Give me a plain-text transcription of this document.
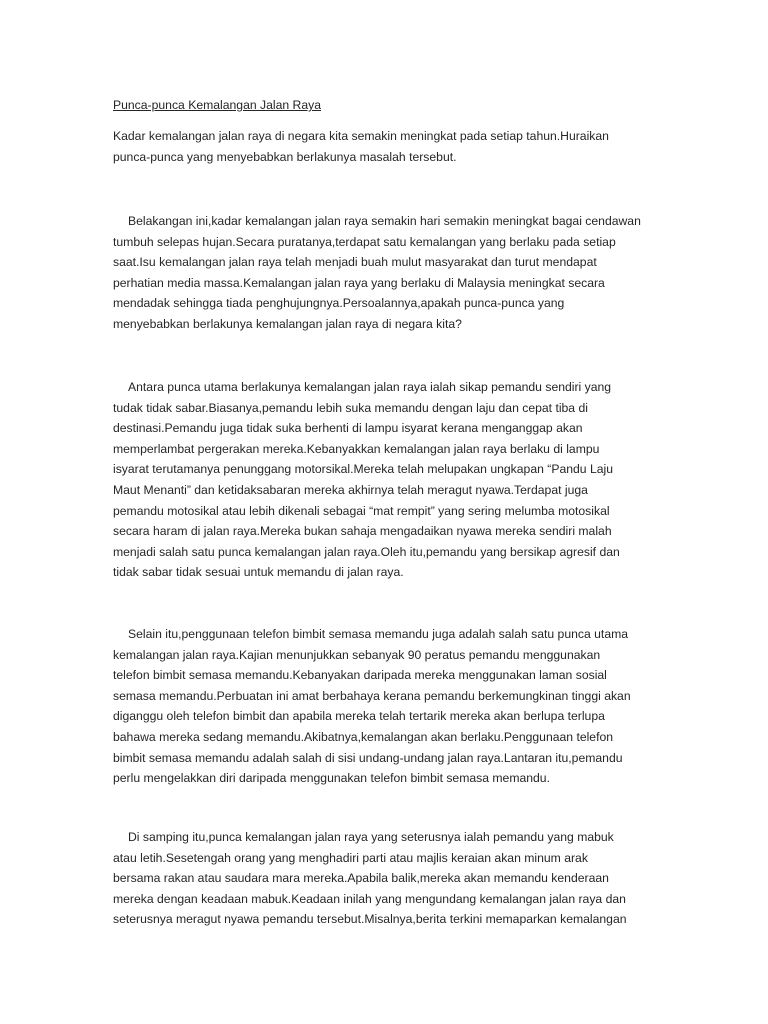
Punca-punca Kemalangan Jalan Raya
Kadar kemalangan jalan raya di negara kita semakin meningkat pada setiap tahun.Huraikan
punca-punca yang menyebabkan berlakunya masalah tersebut.
Belakangan ini,kadar kemalangan jalan raya semakin hari semakin meningkat bagai cendawan
tumbuh selepas hujan.Secara puratanya,terdapat satu kemalangan yang berlaku pada setiap
saat.Isu kemalangan jalan raya telah menjadi buah mulut masyarakat dan turut mendapat
perhatian media massa.Kemalangan jalan raya yang berlaku di Malaysia meningkat secara
mendadak sehingga tiada penghujungnya.Persoalannya,apakah punca-punca yang
menyebabkan berlakunya kemalangan jalan raya di negara kita?
Antara punca utama berlakunya kemalangan jalan raya ialah sikap pemandu sendiri yang
tudak tidak sabar.Biasanya,pemandu lebih suka memandu dengan laju dan cepat tiba di
destinasi.Pemandu juga tidak suka berhenti di lampu isyarat kerana menganggap akan
memperlambat pergerakan mereka.Kebanyakkan kemalangan jalan raya berlaku di lampu
isyarat terutamanya penunggang motorsikal.Mereka telah melupakan ungkapan “Pandu Laju
Maut Menanti” dan ketidaksabaran mereka akhirnya telah meragut nyawa.Terdapat juga
pemandu motosikal atau lebih dikenali sebagai “mat rempit” yang sering melumba motosikal
secara haram di jalan raya.Mereka bukan sahaja mengadaikan nyawa mereka sendiri malah
menjadi salah satu punca kemalangan jalan raya.Oleh itu,pemandu yang bersikap agresif dan
tidak sabar tidak sesuai untuk memandu di jalan raya.
Selain itu,penggunaan telefon bimbit semasa memandu juga adalah salah satu punca utama
kemalangan jalan raya.Kajian menunjukkan sebanyak 90 peratus pemandu menggunakan
telefon bimbit semasa memandu.Kebanyakan daripada mereka menggunakan laman sosial
semasa memandu.Perbuatan ini amat berbahaya kerana pemandu berkemungkinan tinggi akan
diganggu oleh telefon bimbit dan apabila mereka telah tertarik mereka akan berlupa terlupa
bahawa mereka sedang memandu.Akibatnya,kemalangan akan berlaku.Penggunaan telefon
bimbit semasa memandu adalah salah di sisi undang-undang jalan raya.Lantaran itu,pemandu
perlu mengelakkan diri daripada menggunakan telefon bimbit semasa memandu.
Di samping itu,punca kemalangan jalan raya yang seterusnya ialah pemandu yang mabuk
atau letih.Sesetengah orang yang menghadiri parti atau majlis keraian akan minum arak
bersama rakan atau saudara mara mereka.Apabila balik,mereka akan memandu kenderaan
mereka dengan keadaan mabuk.Keadaan inilah yang mengundang kemalangan jalan raya dan
seterusnya meragut nyawa pemandu tersebut.Misalnya,berita terkini memaparkan kemalangan
